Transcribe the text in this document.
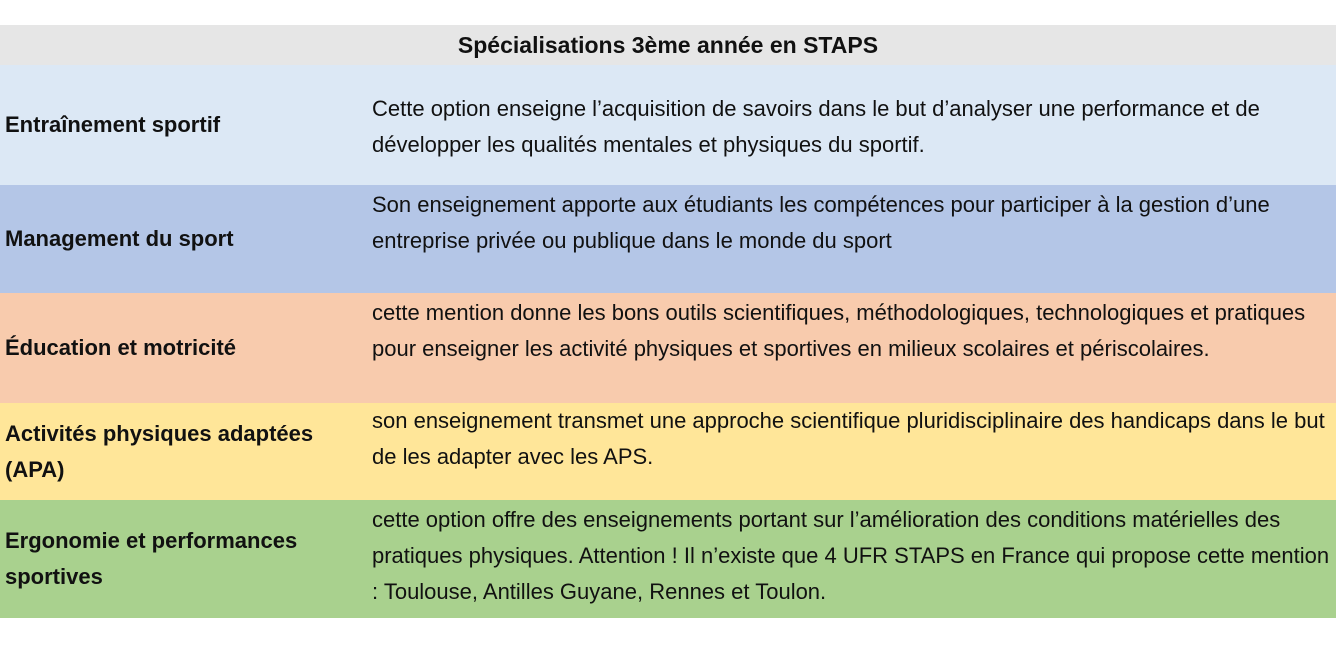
Spécialisations 3ème année en STAPS
Entraînement sportif
Cette option enseigne l’acquisition de savoirs dans le but d’analyser une performance et de développer les qualités mentales et physiques du sportif.
Management du sport
Son enseignement apporte aux étudiants les compétences pour participer à la gestion d’une entreprise privée ou publique dans le monde du sport
Éducation et motricité
cette mention donne les bons outils scientifiques, méthodologiques, technologiques et pratiques pour enseigner les activité physiques et sportives en milieux scolaires et périscolaires.
Activités physiques adaptées (APA)
son enseignement transmet une approche scientifique pluridisciplinaire des handicaps dans le but de les adapter avec les APS.
Ergonomie et performances sportives
cette option offre des enseignements portant sur l’amélioration des conditions matérielles des pratiques physiques. Attention ! Il n’existe que 4 UFR STAPS en France qui propose cette mention : Toulouse, Antilles Guyane, Rennes et Toulon.
